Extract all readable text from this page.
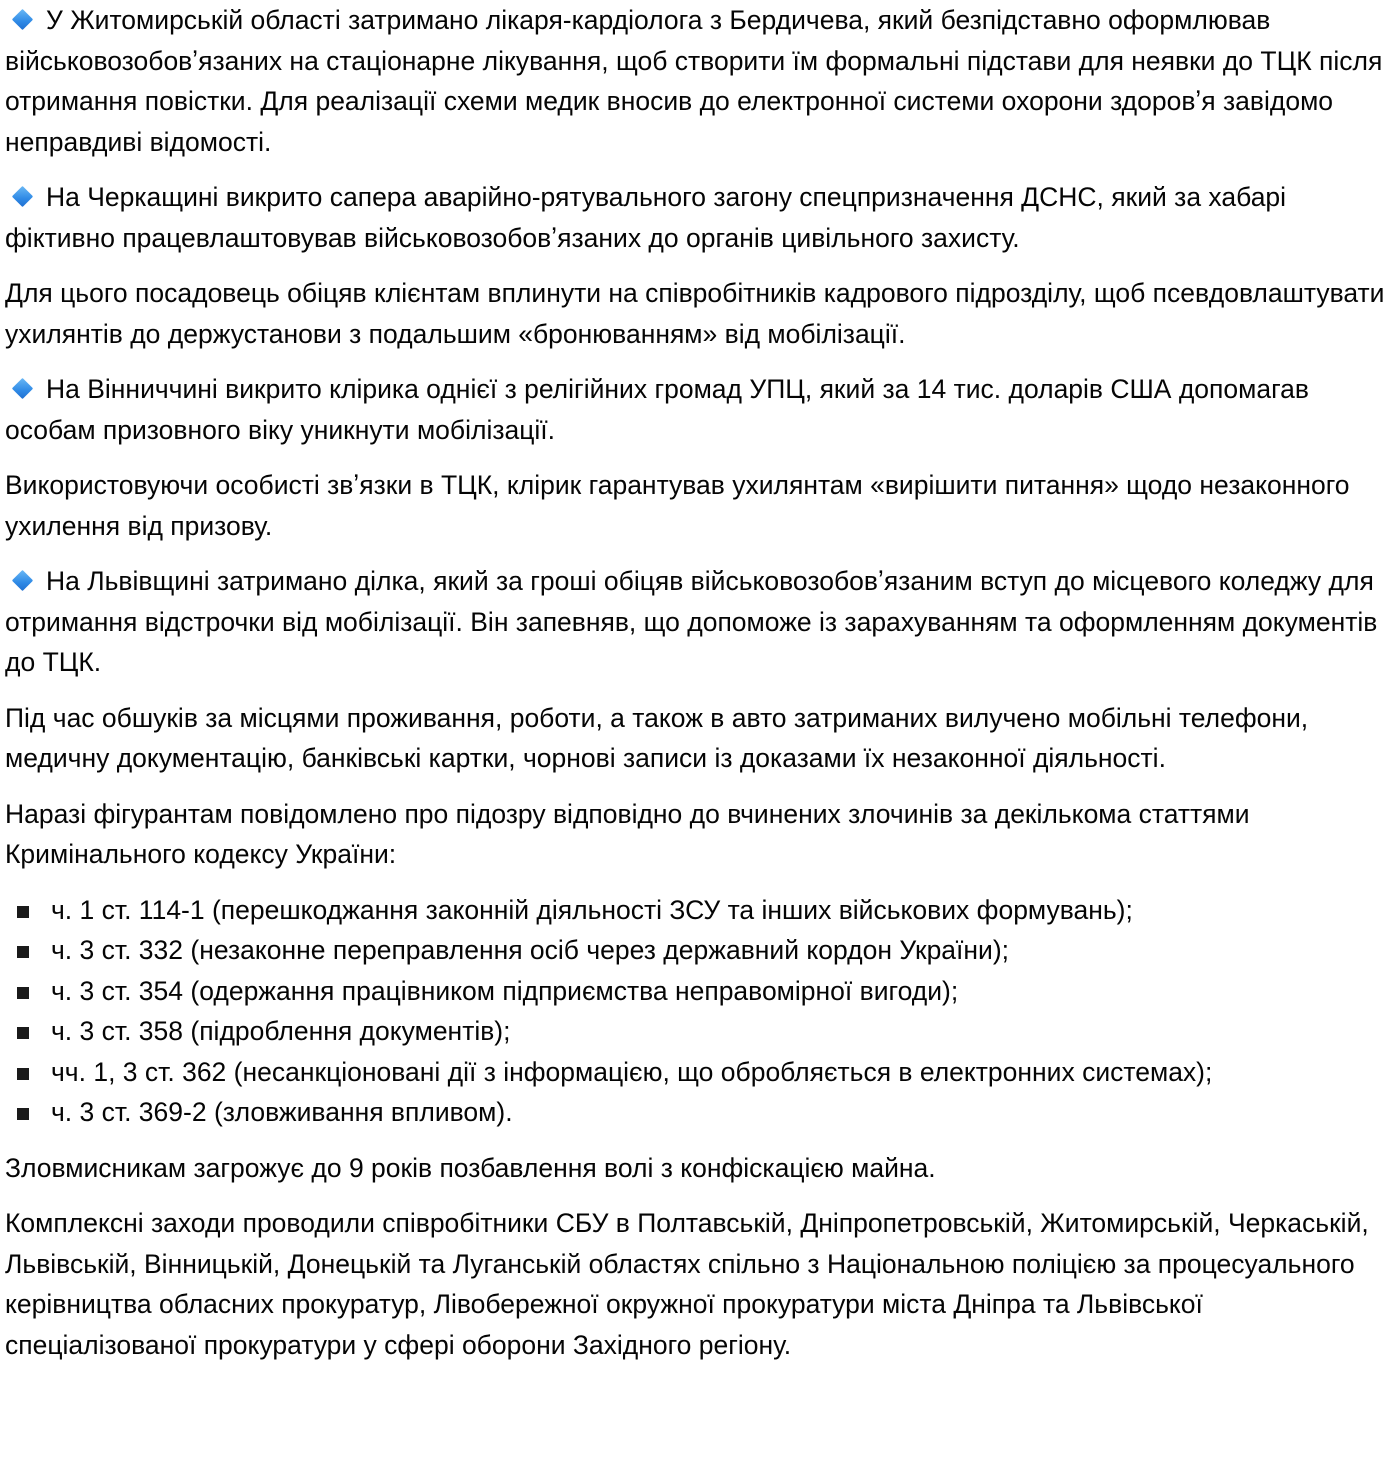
У Житомирській області затримано лікаря-кардіолога з Бердичева, який безпідставно оформлював військовозобовʼязаних на стаціонарне лікування, щоб створити їм формальні підстави для неявки до ТЦК після отримання повістки. Для реалізації схеми медик вносив до електронної системи охорони здоровʼя завідомо неправдиві відомості.

На Черкащині викрито сапера аварійно-рятувального загону спецпризначення ДСНС, який за хабарі фіктивно працевлаштовував військовозобовʼязаних до органів цивільного захисту.

Для цього посадовець обіцяв клієнтам вплинути на співробітників кадрового підрозділу, щоб псевдовлаштувати ухилянтів до держустанови з подальшим «бронюванням» від мобілізації.

На Вінниччині викрито клірика однієї з релігійних громад УПЦ, який за 14 тис. доларів США допомагав особам призовного віку уникнути мобілізації.

Використовуючи особисті звʼязки в ТЦК, клірик гарантував ухилянтам «вирішити питання» щодо незаконного ухилення від призову.

На Львівщині затримано ділка, який за гроші обіцяв військовозобовʼязаним вступ до місцевого коледжу для отримання відстрочки від мобілізації. Він запевняв, що допоможе із зарахуванням та оформленням документів до ТЦК.

Під час обшуків за місцями проживання, роботи, а також в авто затриманих вилучено мобільні телефони, медичну документацію, банківські картки, чорнові записи із доказами їх незаконної діяльності.

Наразі фігурантам повідомлено про підозру відповідно до вчинених злочинів за декількома статтями Кримінального кодексу України:

ч. 1 ст. 114-1 (перешкоджання законній діяльності ЗСУ та інших військових формувань);
ч. 3 ст. 332 (незаконне переправлення осіб через державний кордон України);
ч. 3 ст. 354 (одержання працівником підприємства неправомірної вигоди);
ч. 3 ст. 358 (підроблення документів);
чч. 1, 3 ст. 362 (несанкціоновані дії з інформацією, що обробляється в електронних системах);
ч. 3 ст. 369-2 (зловживання впливом).

Зловмисникам загрожує до 9 років позбавлення волі з конфіскацією майна.

Комплексні заходи проводили співробітники СБУ в Полтавській, Дніпропетровській, Житомирській, Черкаській, Львівській, Вінницькій, Донецькій та Луганській областях спільно з Національною поліцією за процесуального керівництва обласних прокуратур, Лівобережної окружної прокуратури міста Дніпра та Львівської спеціалізованої прокуратури у сфері оборони Західного регіону.
